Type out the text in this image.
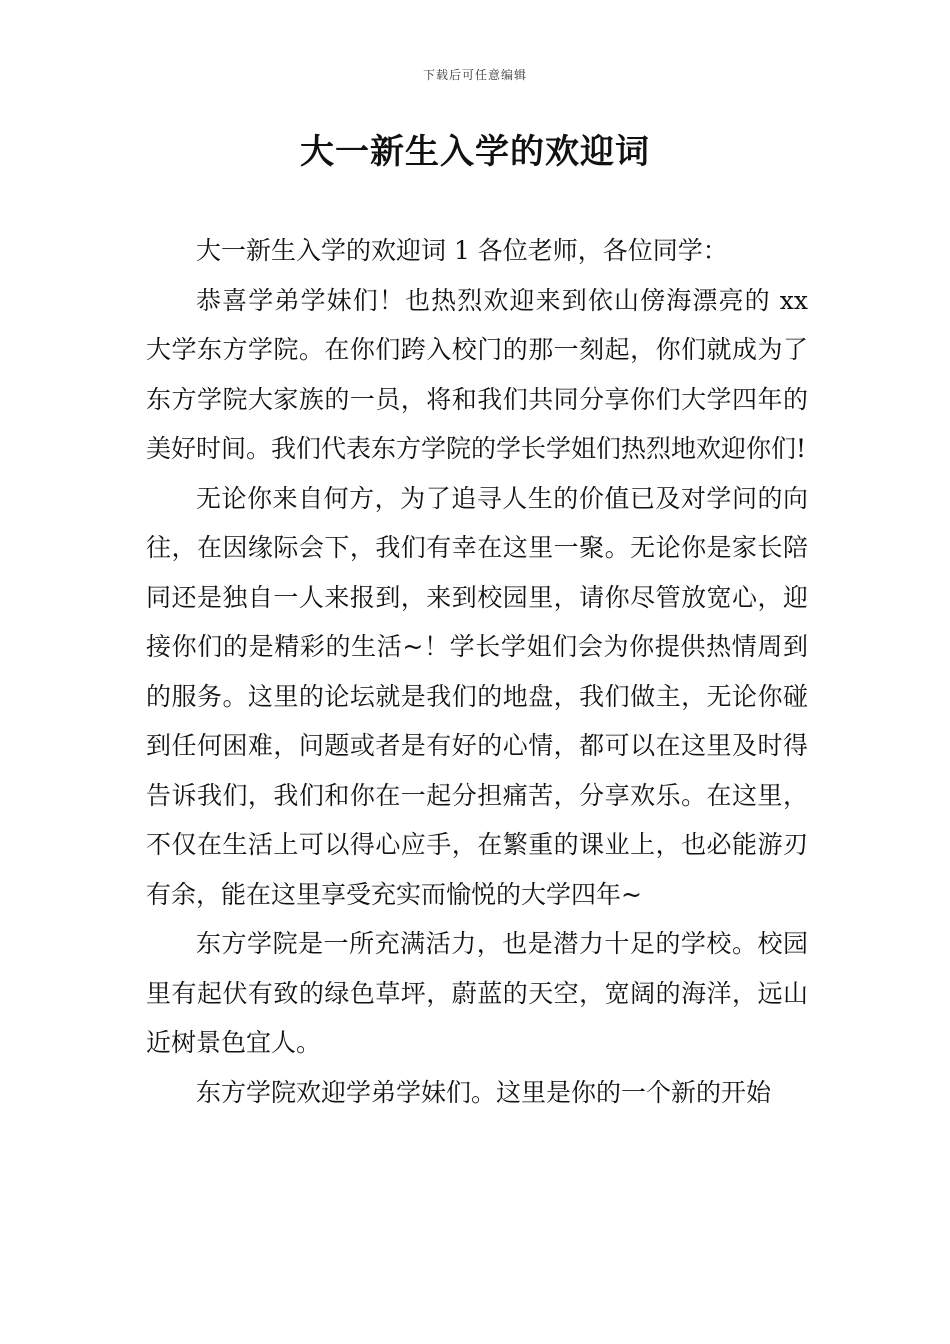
下载后可任意编辑
大一新生入学的欢迎词

大一新生入学的欢迎词 1 各位老师，各位同学：

恭喜学弟学妹们！也热烈欢迎来到依山傍海漂亮的 xx 大学东方学院。在你们跨入校门的那一刻起，你们就成为了东方学院大家族的一员，将和我们共同分享你们大学四年的美好时间。我们代表东方学院的学长学姐们热烈地欢迎你们!

无论你来自何方，为了追寻人生的价值已及对学问的向往，在因缘际会下，我们有幸在这里一聚。无论你是家长陪同还是独自一人来报到，来到校园里，请你尽管放宽心，迎接你们的是精彩的生活~！学长学姐们会为你提供热情周到的服务。这里的论坛就是我们的地盘，我们做主，无论你碰到任何困难，问题或者是有好的心情，都可以在这里及时得告诉我们，我们和你在一起分担痛苦，分享欢乐。在这里，不仅在生活上可以得心应手，在繁重的课业上，也必能游刃有余，能在这里享受充实而愉悦的大学四年~

东方学院是一所充满活力，也是潜力十足的学校。校园里有起伏有致的绿色草坪，蔚蓝的天空，宽阔的海洋，远山近树景色宜人。

东方学院欢迎学弟学妹们。这里是你的一个新的开始
